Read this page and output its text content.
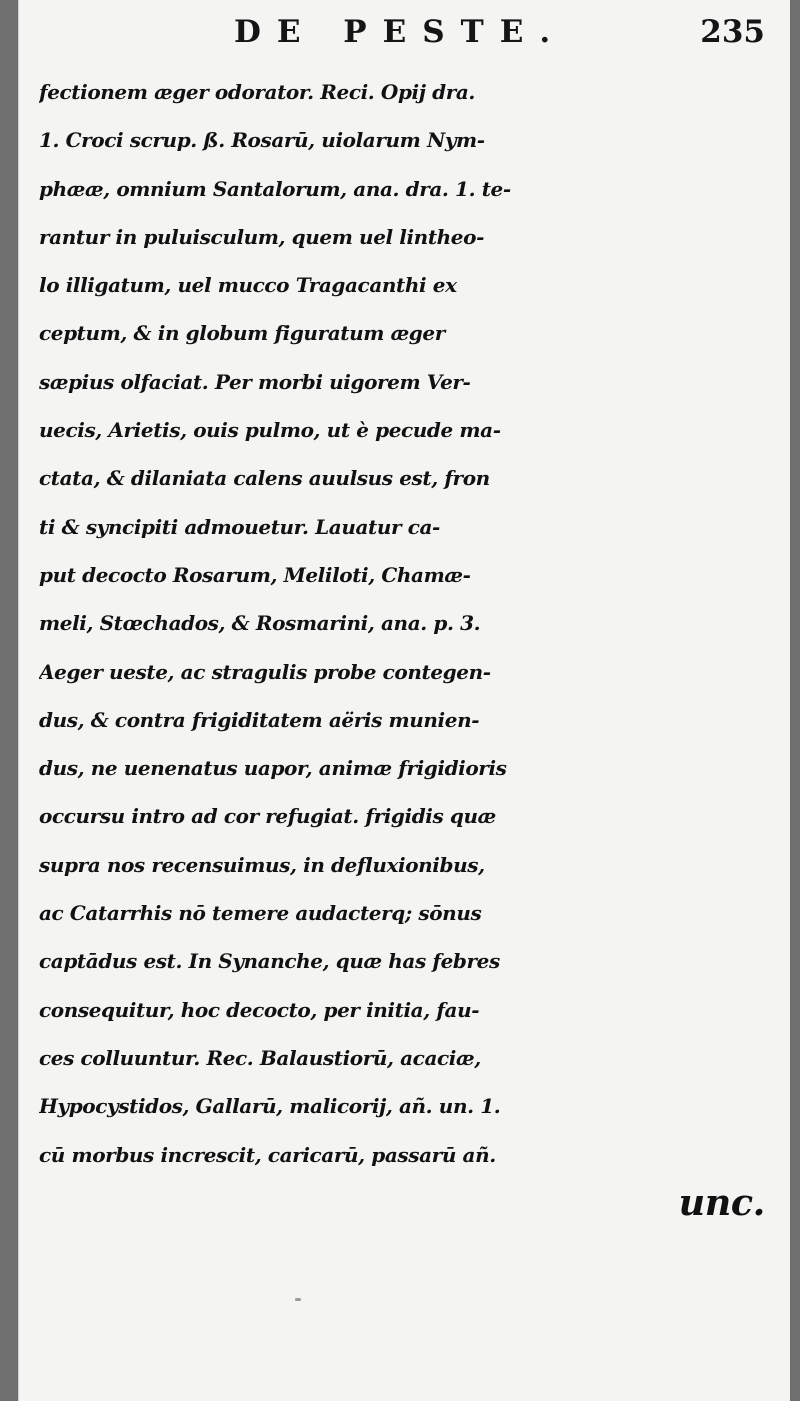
DE PESTE.	235
fectionem æger odorator. Reci. Opij dra.
1. Croci scrup. ß. Rosarū, uiolarum Nym-
phææ, omnium Santalorum, ana. dra. 1. te-
rantur in puluisculum, quem uel lintheo-
lo illigatum, uel mucco Tragacanthi ex
ceptum, & in globum figuratum æger
sæpius olfaciat. Per morbi uigorem Ver-
uecis, Arietis, ouis pulmo, ut è pecude ma-
ctata, & dilaniata calens auulsus est, fron
ti & syncipiti admouetur. Lauatur ca-
put decocto Rosarum, Meliloti, Chamæ-
meli, Stœchados, & Rosmarini, ana. p. 3.
Aeger ueste, ac stragulis probe contegen-
dus, & contra frigiditatem aëris munien-
dus, ne uenenatus uapor, animæ frigidioris
occursu intro ad cor refugiat. frigidis quæ
supra nos recensuimus, in defluxionibus,
ac Catarrhis nō temere audacterq; sōnus
captādus est. In Synanche, quæ has febres
consequitur, hoc decocto, per initia, fau-
ces colluuntur. Rec. Balaustiorū, acaciæ,
Hypocystidos, Gallarū, malicorij, añ. un. 1.
cū morbus increscit, caricarū, passarū añ.
unc.
